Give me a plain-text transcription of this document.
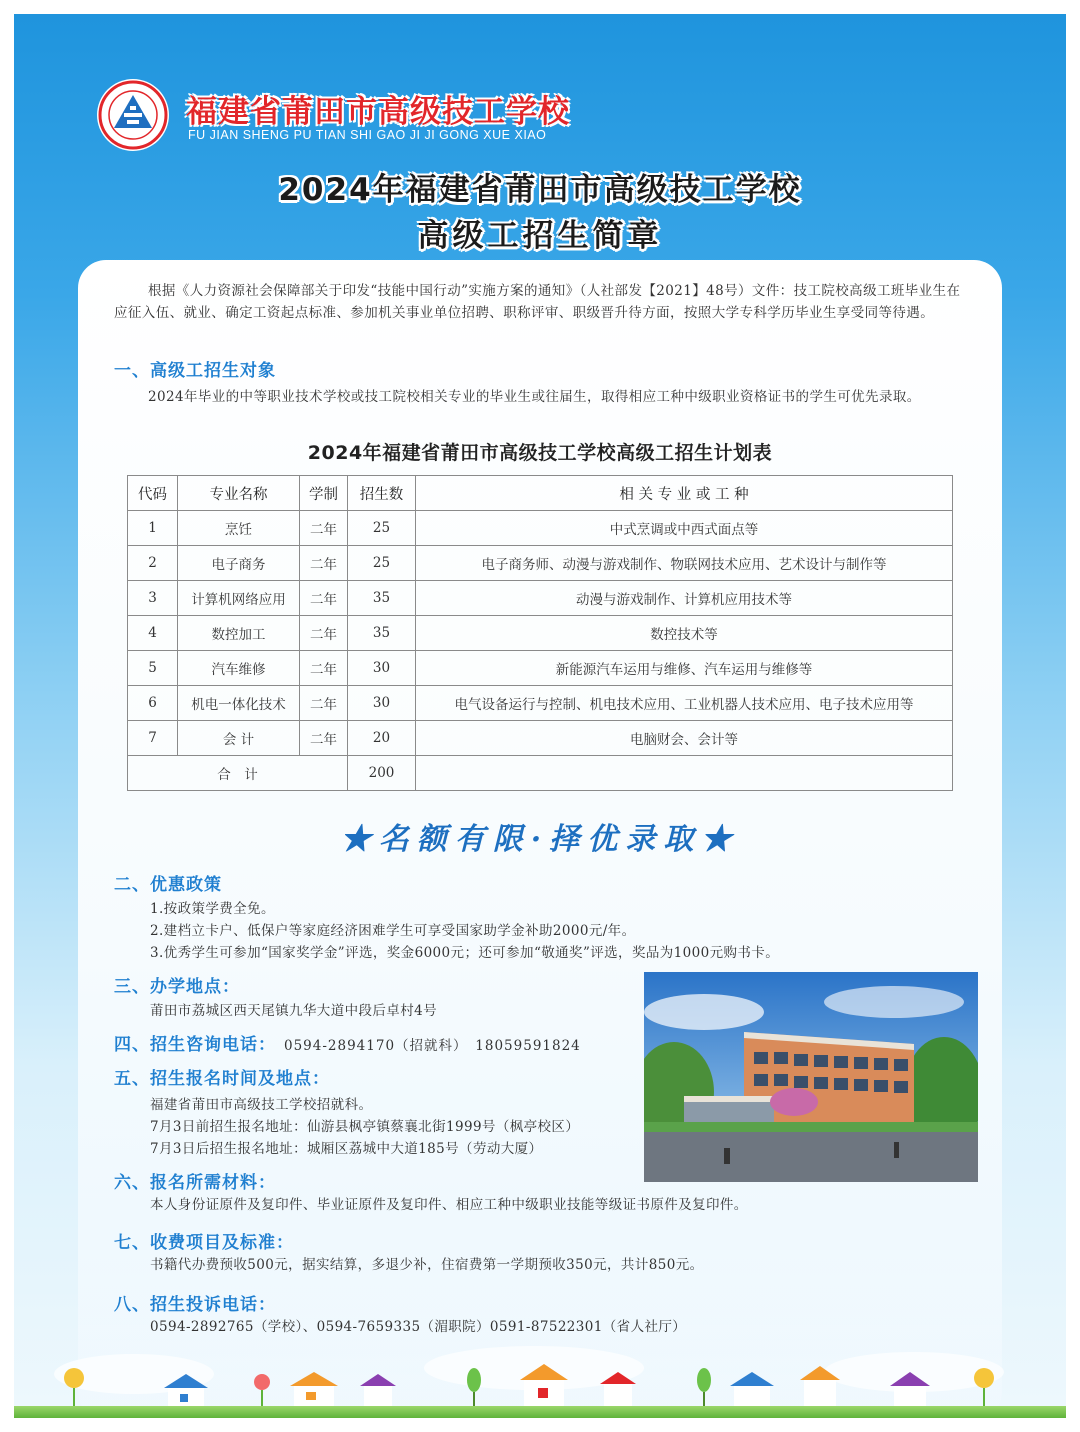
福建省莆田市高级技工学校
FU JIAN SHENG PU TIAN SHI GAO JI JI GONG XUE XIAO
2024年福建省莆田市高级技工学校
高级工招生简章
根据《人力资源社会保障部关于印发“技能中国行动”实施方案的通知》（人社部发【2021】48号）文件：技工院校高级工班毕业生在应征入伍、就业、确定工资起点标准、参加机关事业单位招聘、职称评审、职级晋升待方面，按照大学专科学历毕业生享受同等待遇。
一、高级工招生对象
2024年毕业的中等职业技术学校或技工院校相关专业的毕业生或往届生，取得相应工种中级职业资格证书的学生可优先录取。
2024年福建省莆田市高级技工学校高级工招生计划表
代码	专业名称	学制	招生数	相 关 专 业 或 工 种
1	烹饪	二年	25	中式烹调或中西式面点等
2	电子商务	二年	25	电子商务师、动漫与游戏制作、物联网技术应用、艺术设计与制作等
3	计算机网络应用	二年	35	动漫与游戏制作、计算机应用技术等
4	数控加工	二年	35	数控技术等
5	汽车维修	二年	30	新能源汽车运用与维修、汽车运用与维修等
6	机电一体化技术	二年	30	电气设备运行与控制、机电技术应用、工业机器人技术应用、电子技术应用等
7	会 计	二年	20	电脑财会、会计等
合　计			200	
★名额有限·择优录取★
二、优惠政策
1.按政策学费全免。
2.建档立卡户、低保户等家庭经济困难学生可享受国家助学金补助2000元/年。
3.优秀学生可参加“国家奖学金”评选，奖金6000元；还可参加“敬通奖”评选，奖品为1000元购书卡。
三、办学地点：
莆田市荔城区西天尾镇九华大道中段后卓村4号
四、招生咨询电话： 0594-2894170（招就科）　18059591824
五、招生报名时间及地点：
福建省莆田市高级技工学校招就科。
7月3日前招生报名地址：仙游县枫亭镇蔡襄北街1999号（枫亭校区）
7月3日后招生报名地址：城厢区荔城中大道185号（劳动大厦）
六、报名所需材料：
本人身份证原件及复印件、毕业证原件及复印件、相应工种中级职业技能等级证书原件及复印件。
七、收费项目及标准：
书籍代办费预收500元，据实结算，多退少补，住宿费第一学期预收350元，共计850元。
八、招生投诉电话：
0594-2892765（学校）、0594-7659335（湄职院）0591-87522301（省人社厅）
